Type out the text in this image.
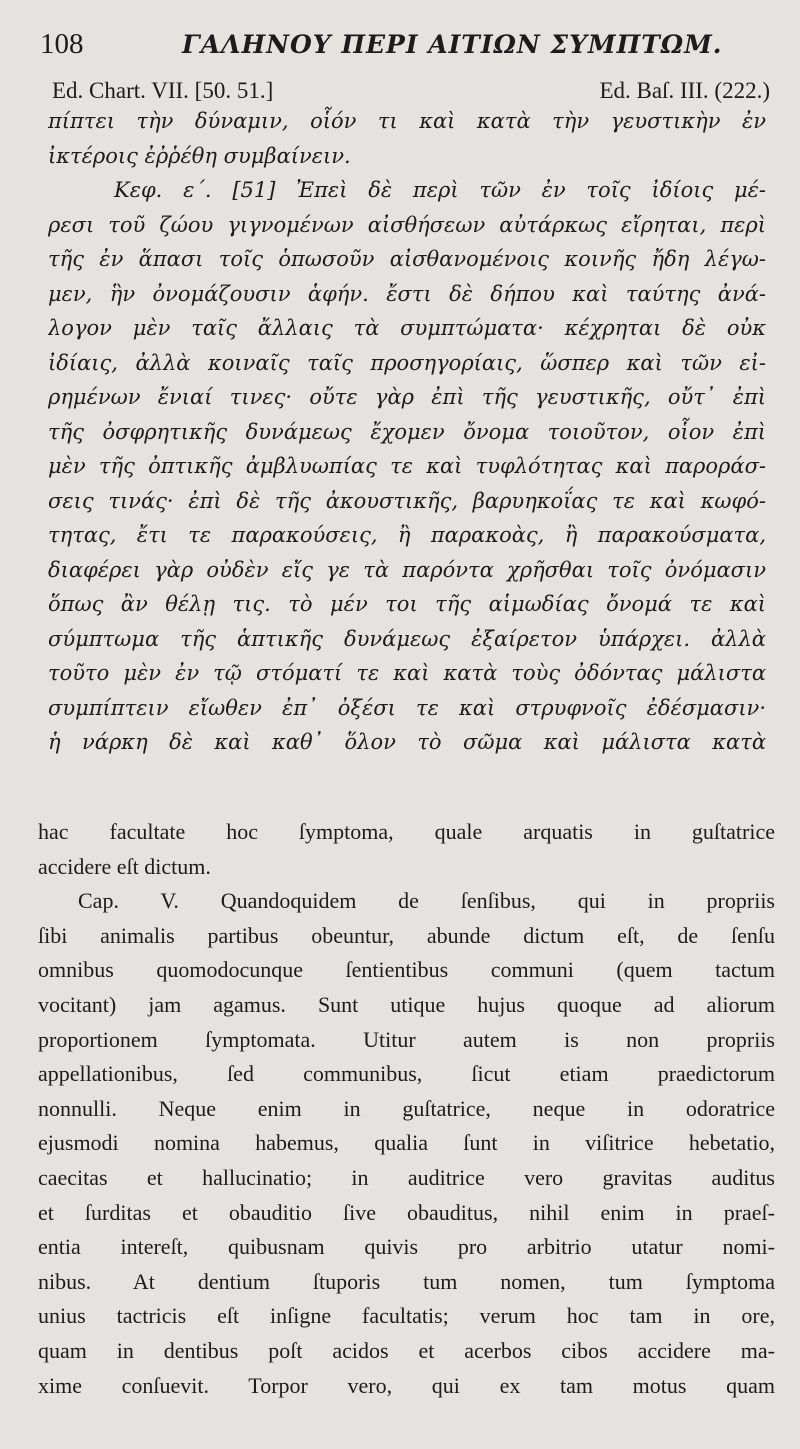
108	ΓΑΛΗΝΟΥ ΠΕΡΙ ΑΙΤΙΩΝ ΣΥΜΠΤΩΜ.
Ed. Chart. VII. [50. 51.]	Ed. Baſ. III. (222.)
πίπτει τὴν δύναμιν, οἷόν τι καὶ κατὰ τὴν γευστικὴν ἐν
ἰκτέροις ἐῤῥέθη συμβαίνειν.
Κεφ. ε΄. [51] Ἐπεὶ δὲ περὶ τῶν ἐν τοῖς ἰδίοις μέ-
ρεσι τοῦ ζώου γιγνομένων αἰσθήσεων αὐτάρκως εἴρηται, περὶ
τῆς ἐν ἅπασι τοῖς ὁπωσοῦν αἰσθανομένοις κοινῆς ἤδη λέγω-
μεν, ἣν ὀνομάζουσιν ἁφήν. ἔστι δὲ δήπου καὶ ταύτης ἀνά-
λογον μὲν ταῖς ἄλλαις τὰ συμπτώματα· κέχρηται δὲ οὐκ
ἰδίαις, ἀλλὰ κοιναῖς ταῖς προσηγορίαις, ὥσπερ καὶ τῶν εἰ-
ρημένων ἔνιαί τινες· οὔτε γὰρ ἐπὶ τῆς γευστικῆς, οὔτ᾽ ἐπὶ
τῆς ὀσφρητικῆς δυνάμεως ἔχομεν ὄνομα τοιοῦτον, οἷον ἐπὶ
μὲν τῆς ὀπτικῆς ἀμβλυωπίας τε καὶ τυφλότητας καὶ παροράσ-
σεις τινάς· ἐπὶ δὲ τῆς ἀκουστικῆς, βαρυηκοΐας τε καὶ κωφό-
τητας, ἔτι τε παρακούσεις, ἢ παρακοὰς, ἢ παρακούσματα,
διαφέρει γὰρ οὐδὲν εἴς γε τὰ παρόντα χρῆσθαι τοῖς ὀνόμασιν
ὅπως ἂν θέλῃ τις. τὸ μέν τοι τῆς αἱμωδίας ὄνομά τε καὶ
σύμπτωμα τῆς ἁπτικῆς δυνάμεως ἐξαίρετον ὑπάρχει. ἀλλὰ
τοῦτο μὲν ἐν τῷ στόματί τε καὶ κατὰ τοὺς ὀδόντας μάλιστα
συμπίπτειν εἴωθεν ἐπ᾽ ὀξέσι τε καὶ στρυφνοῖς ἐδέσμασιν·
ἡ νάρκη δὲ καὶ καθ᾽ ὅλον τὸ σῶμα καὶ μάλιστα κατὰ
hac facultate hoc ſymptoma, quale arquatis in guſtatrice
accidere eſt dictum.
Cap. V. Quandoquidem de ſenſibus, qui in propriis
ſibi animalis partibus obeuntur, abunde dictum eſt, de ſenſu
omnibus quomodocunque ſentientibus communi (quem tactum
vocitant) jam agamus. Sunt utique hujus quoque ad aliorum
proportionem ſymptomata. Utitur autem is non propriis
appellationibus, ſed communibus, ſicut etiam praedictorum
nonnulli. Neque enim in guſtatrice, neque in odoratrice
ejusmodi nomina habemus, qualia ſunt in viſitrice hebetatio,
caecitas et hallucinatio; in auditrice vero gravitas auditus
et ſurditas et obauditio ſive obauditus, nihil enim in praeſ-
entia intereſt, quibusnam quivis pro arbitrio utatur nomi-
nibus. At dentium ſtuporis tum nomen, tum ſymptoma
unius tactricis eſt inſigne facultatis; verum hoc tam in ore,
quam in dentibus poſt acidos et acerbos cibos accidere ma-
xime conſuevit. Torpor vero, qui ex tam motus quam
